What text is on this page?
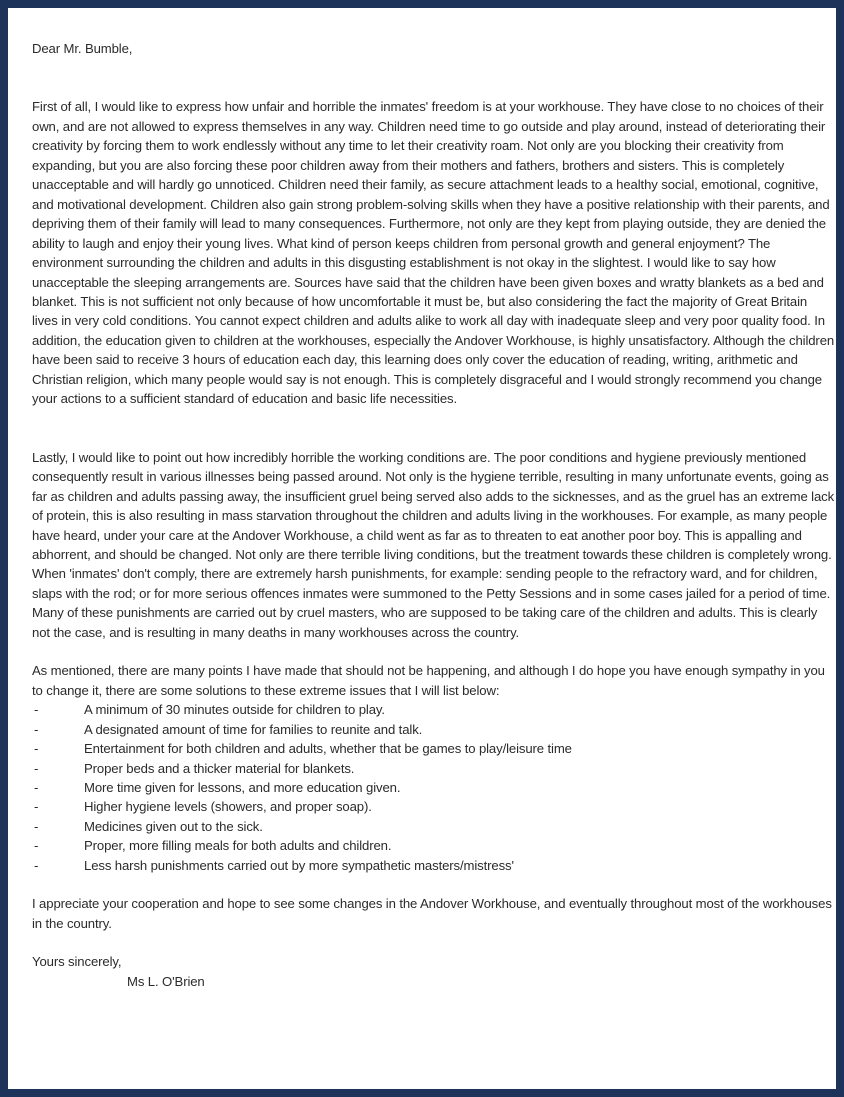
Dear Mr. Bumble,

First of all, I would like to express how unfair and horrible the inmates' freedom is at your workhouse. They have close to no choices of their own, and are not allowed to express themselves in any way. Children need time to go outside and play around, instead of deteriorating their creativity by forcing them to work endlessly without any time to let their creativity roam. Not only are you blocking their creativity from expanding, but you are also forcing these poor children away from their mothers and fathers, brothers and sisters. This is completely unacceptable and will hardly go unnoticed. Children need their family, as secure attachment leads to a healthy social, emotional, cognitive, and motivational development. Children also gain strong problem-solving skills when they have a positive relationship with their parents, and depriving them of their family will lead to many consequences. Furthermore, not only are they kept from playing outside, they are denied the ability to laugh and enjoy their young lives. What kind of person keeps children from personal growth and general enjoyment? The environment surrounding the children and adults in this disgusting establishment is not okay in the slightest. I would like to say how unacceptable the sleeping arrangements are. Sources have said that the children have been given boxes and wratty blankets as a bed and blanket. This is not sufficient not only because of how uncomfortable it must be, but also considering the fact the majority of Great Britain lives in very cold conditions. You cannot expect children and adults alike to work all day with inadequate sleep and very poor quality food. In addition, the education given to children at the workhouses, especially the Andover Workhouse, is highly unsatisfactory. Although the children have been said to receive 3 hours of education each day, this learning does only cover the education of reading, writing, arithmetic and Christian religion, which many people would say is not enough. This is completely disgraceful and I would strongly recommend you change your actions to a sufficient standard of education and basic life necessities.

Lastly, I would like to point out how incredibly horrible the working conditions are. The poor conditions and hygiene previously mentioned consequently result in various illnesses being passed around. Not only is the hygiene terrible, resulting in many unfortunate events, going as far as children and adults passing away, the insufficient gruel being served also adds to the sicknesses, and as the gruel has an extreme lack of protein, this is also resulting in mass starvation throughout the children and adults living in the workhouses. For example, as many people have heard, under your care at the Andover Workhouse, a child went as far as to threaten to eat another poor boy. This is appalling and abhorrent, and should be changed. Not only are there terrible living conditions, but the treatment towards these children is completely wrong. When 'inmates' don't comply, there are extremely harsh punishments, for example: sending people to the refractory ward, and for children, slaps with the rod; or for more serious offences inmates were summoned to the Petty Sessions and in some cases jailed for a period of time. Many of these punishments are carried out by cruel masters, who are supposed to be taking care of the children and adults. This is clearly not the case, and is resulting in many deaths in many workhouses across the country.

As mentioned, there are many points I have made that should not be happening, and although I do hope you have enough sympathy in you to change it, there are some solutions to these extreme issues that I will list below:

-	A minimum of 30 minutes outside for children to play.
-	A designated amount of time for families to reunite and talk.
-	Entertainment for both children and adults, whether that be games to play/leisure time
-	Proper beds and a thicker material for blankets.
-	More time given for lessons, and more education given.
-	Higher hygiene levels (showers, and proper soap).
-	Medicines given out to the sick.
-	Proper, more filling meals for both adults and children.
-	Less harsh punishments carried out by more sympathetic masters/mistress'

I appreciate your cooperation and hope to see some changes in the Andover Workhouse, and eventually throughout most of the workhouses in the country.

Yours sincerely,

Ms L. O'Brien
